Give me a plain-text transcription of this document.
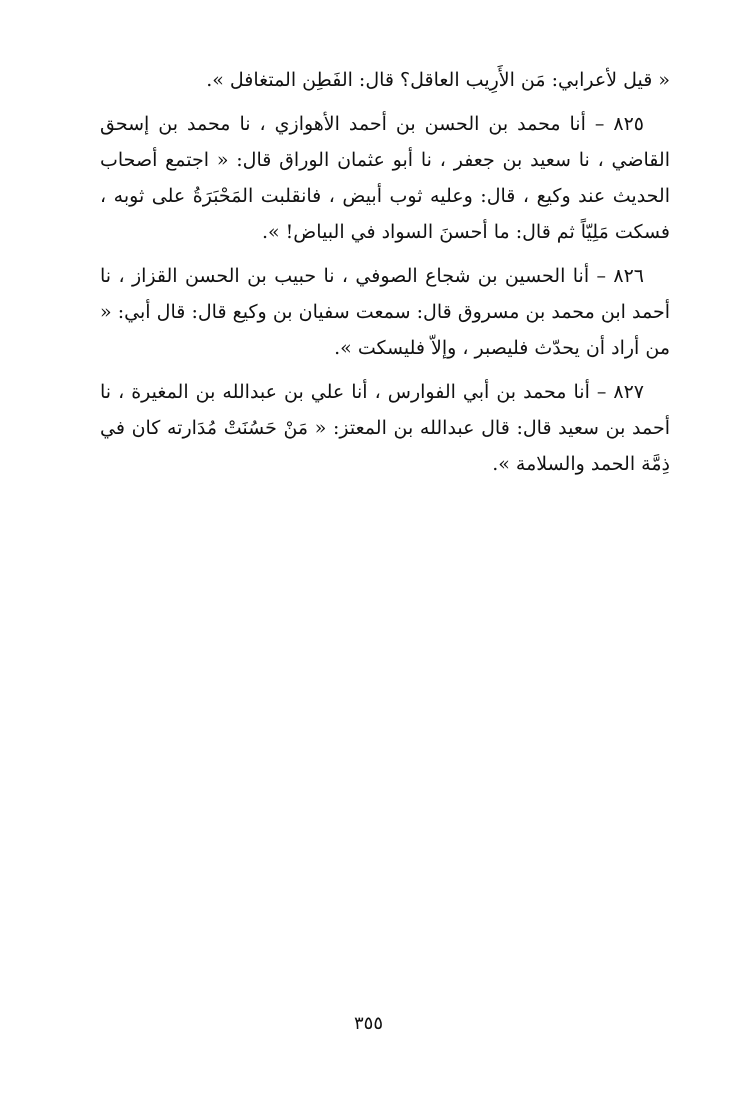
« قيل لأعرابي: مَن الأَرِيب العاقل؟ قال: الفَطِن المتغافل ».

٨٢٥ – أنا محمد بن الحسن بن أحمد الأهوازي ، نا محمد بن إسحق القاضي ، نا سعيد بن جعفر ، نا أبو عثمان الوراق قال: « اجتمع أصحاب الحديث عند وكيع ، قال: وعليه ثوب أبيض ، فانقلبت المَحْبَرَةُ على ثوبه ، فسكت مَلِيّاً ثم قال: ما أحسنَ السواد في البياض! ».

٨٢٦ – أنا الحسين بن شجاع الصوفي ، نا حبيب بن الحسن القزاز ، نا أحمد ابن محمد بن مسروق قال: سمعت سفيان بن وكيع قال: قال أبي: « من أراد أن يحدّث فليصبر ، وإلاّ فليسكت ».

٨٢٧ – أنا محمد بن أبي الفوارس ، أنا علي بن عبدالله بن المغيرة ، نا أحمد بن سعيد قال: قال عبدالله بن المعتز: « مَنْ حَسُنَتْ مُدَارته كان في ذِمَّة الحمد والسلامة ».

٣٥٥
